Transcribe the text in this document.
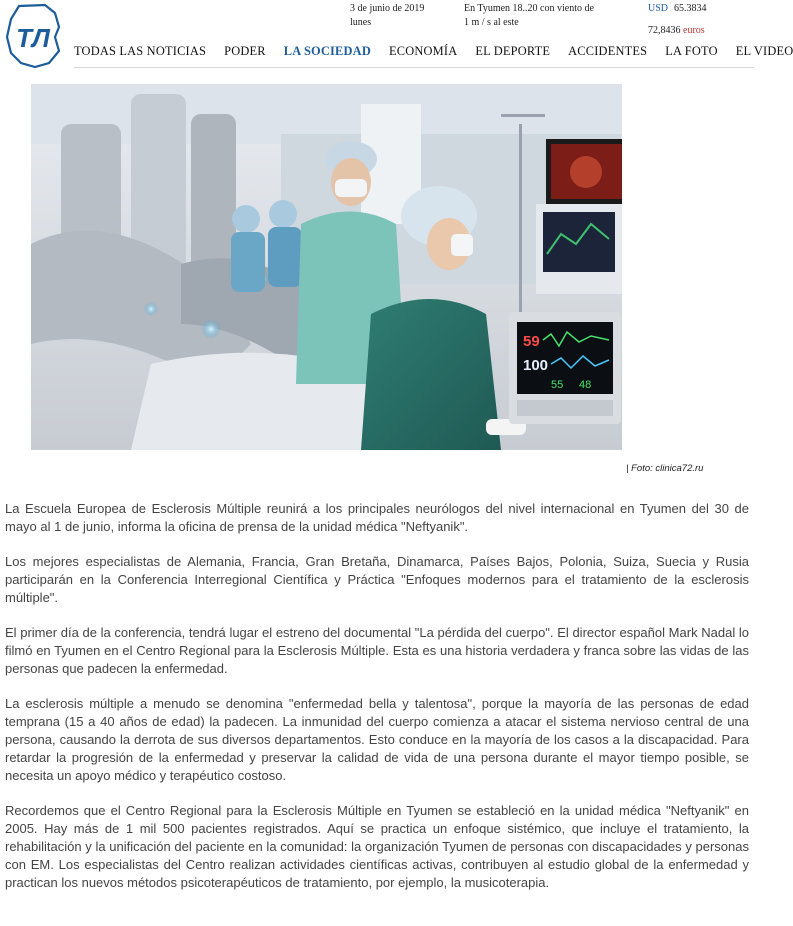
ТЛ
3 de junio de 2019
lunes
En Tyumen 18..20 con viento de
1 m / s al este
USD 65.3834
72,8436 euros
TODAS LAS NOTICIAS PODER LA SOCIEDAD ECONOMÍA EL DEPORTE ACCIDENTES LA FOTO EL VIDEO
59
100
55 48
| Foto: clinica72.ru

La Escuela Europea de Esclerosis Múltiple reunirá a los principales neurólogos del nivel internacional en Tyumen del 30 de mayo al 1 de junio, informa la oficina de prensa de la unidad médica "Neftyanik".

Los mejores especialistas de Alemania, Francia, Gran Bretaña, Dinamarca, Países Bajos, Polonia, Suiza, Suecia y Rusia participarán en la Conferencia Interregional Científica y Práctica "Enfoques modernos para el tratamiento de la esclerosis múltiple".

El primer día de la conferencia, tendrá lugar el estreno del documental "La pérdida del cuerpo". El director español Mark Nadal lo filmó en Tyumen en el Centro Regional para la Esclerosis Múltiple. Esta es una historia verdadera y franca sobre las vidas de las personas que padecen la enfermedad.

La esclerosis múltiple a menudo se denomina "enfermedad bella y talentosa", porque la mayoría de las personas de edad temprana (15 a 40 años de edad) la padecen. La inmunidad del cuerpo comienza a atacar el sistema nervioso central de una persona, causando la derrota de sus diversos departamentos. Esto conduce en la mayoría de los casos a la discapacidad. Para retardar la progresión de la enfermedad y preservar la calidad de vida de una persona durante el mayor tiempo posible, se necesita un apoyo médico y terapéutico costoso.

Recordemos que el Centro Regional para la Esclerosis Múltiple en Tyumen se estableció en la unidad médica "Neftyanik" en 2005. Hay más de 1 mil 500 pacientes registrados. Aquí se practica un enfoque sistémico, que incluye el tratamiento, la rehabilitación y la unificación del paciente en la comunidad: la organización Tyumen de personas con discapacidades y personas con EM. Los especialistas del Centro realizan actividades científicas activas, contribuyen al estudio global de la enfermedad y practican los nuevos métodos psicoterapéuticos de tratamiento, por ejemplo, la musicoterapia.
